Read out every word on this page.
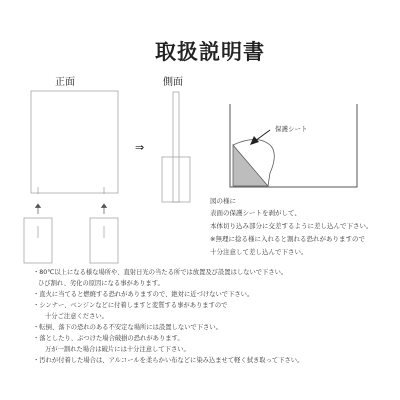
取扱説明書
正面	側面
⇒
保護シート
図の様に
表面の保護シートを剥がして、
本体切り込み部分に交差するように差し込んで下さい。
※無理に捻る様に入れると割れる恐れがありますので
十分注意して差し込んで下さい。
・80℃以上になる様な場所や、直射日光の当たる所では放置及び設置はしないで下さい。
ひび割れ、劣化の原因になる事があります。
・直火に当てると燃焼する恐れがありますので、絶対に近づけないで下さい。
・シンナー、ベンジンなどに付着しますと変質する事がありますので
十分ご注意ください。
・転倒、落下の恐れのある不安定な場所には設置しないで下さい。
・落としたり、ぶつけた場合破損の恐れがあります。
万が一割れた場合は破片には十分注意して下さい。
・汚れが付着した場合は、アルコールを柔らかい布などに染み込ませて軽く拭き取って下さい。
